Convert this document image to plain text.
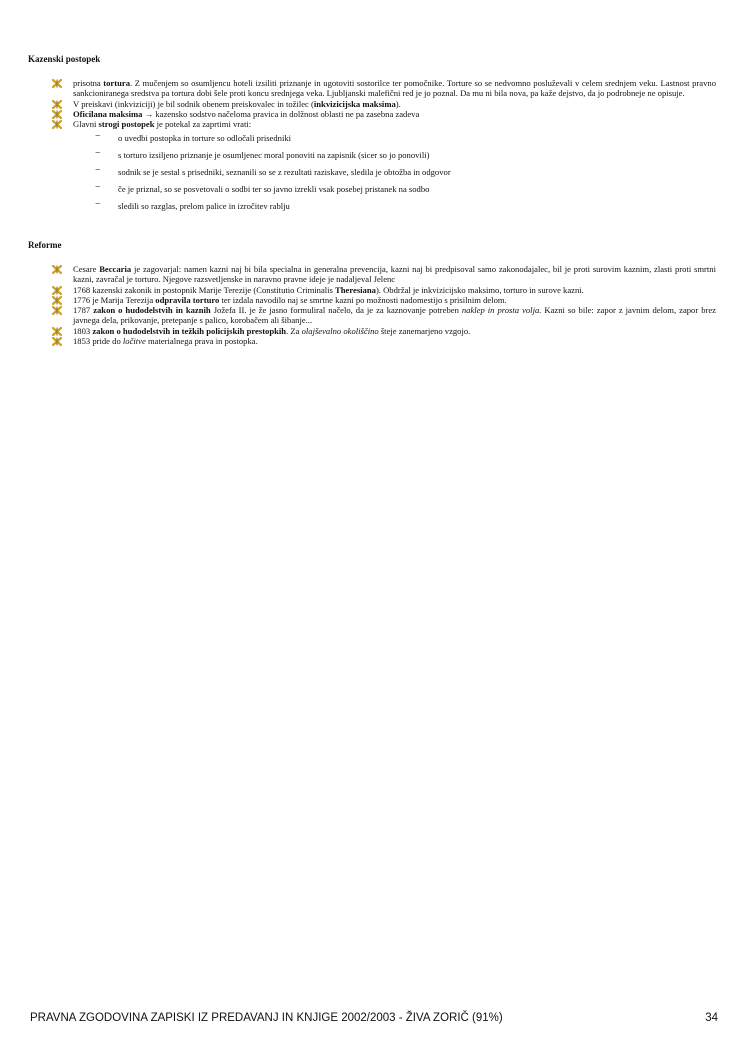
Kazenski postopek
prisotna tortura. Z mučenjem so osumljencu hoteli izsiliti priznanje in ugotoviti sostorilce ter pomočnike. Torture so se nedvomno posluževali v celem srednjem veku. Lastnost pravno sankcioniranega sredstva pa tortura dobi šele proti koncu srednjega veka. Ljubljanski malefični red je jo poznal. Da mu ni bila nova, pa kaže dejstvo, da jo podrobneje ne opisuje.
V preiskavi (inkviziciji) je bil sodnik obenem preiskovalec in tožilec (inkvizicijska maksima).
Oficilana maksima → kazensko sodstvo načeloma pravica in dolžnost oblasti ne pa zasebna zadeva
Glavni strogi postopek je potekal za zaprtimi vrati:
− o uvedbi postopka in torture so odločali prisedniki
− s torturo izsiljeno priznanje je osumljenec moral ponoviti na zapisnik (sicer so jo ponovili)
− sodnik se je sestal s prisedniki, seznanili so se z rezultati raziskave, sledila je obtožba in odgovor
− če je priznal, so se posvetovali o sodbi ter so javno izrekli vsak posebej pristanek na sodbo
− sledili so razglas, prelom palice in izročitev rablju
Reforme
Cesare Beccaria je zagovarjal: namen kazni naj bi bila specialna in generalna prevencija, kazni naj bi predpisoval samo zakonodajalec, bil je proti surovim kaznim, zlasti proti smrtni kazni, zavračal je torturo. Njegove razsvetljenske in naravno pravne ideje je nadaljeval Jelenc
1768 kazenski zakonik in postopnik Marije Terezije (Constitutio Criminalis Theresiana). Obdržal je inkvizicijsko maksimo, torturo in surove kazni.
1776 je Marija Terezija odpravila torturo ter izdala navodilo naj se smrtne kazni po možnosti nadomestijo s prisilnim delom.
1787 zakon o hudodelstvih in kaznih Jožefa II. je že jasno formuliral načelo, da je za kaznovanje potreben naklep in prosta volja. Kazni so bile: zapor z javnim delom, zapor brez javnega dela, prikovanje, pretepanje s palico, korobačem ali šibanje...
1803 zakon o hudodelstvih in težkih policijskih prestopkih. Za olajševalno okoliščino šteje zanemarjeno vzgojo.
1853 pride do ločitve materialnega prava in postopka.
PRAVNA ZGODOVINA ZAPISKI IZ PREDAVANJ IN KNJIGE 2002/2003 - ŽIVA ZORIČ (91%)	34
